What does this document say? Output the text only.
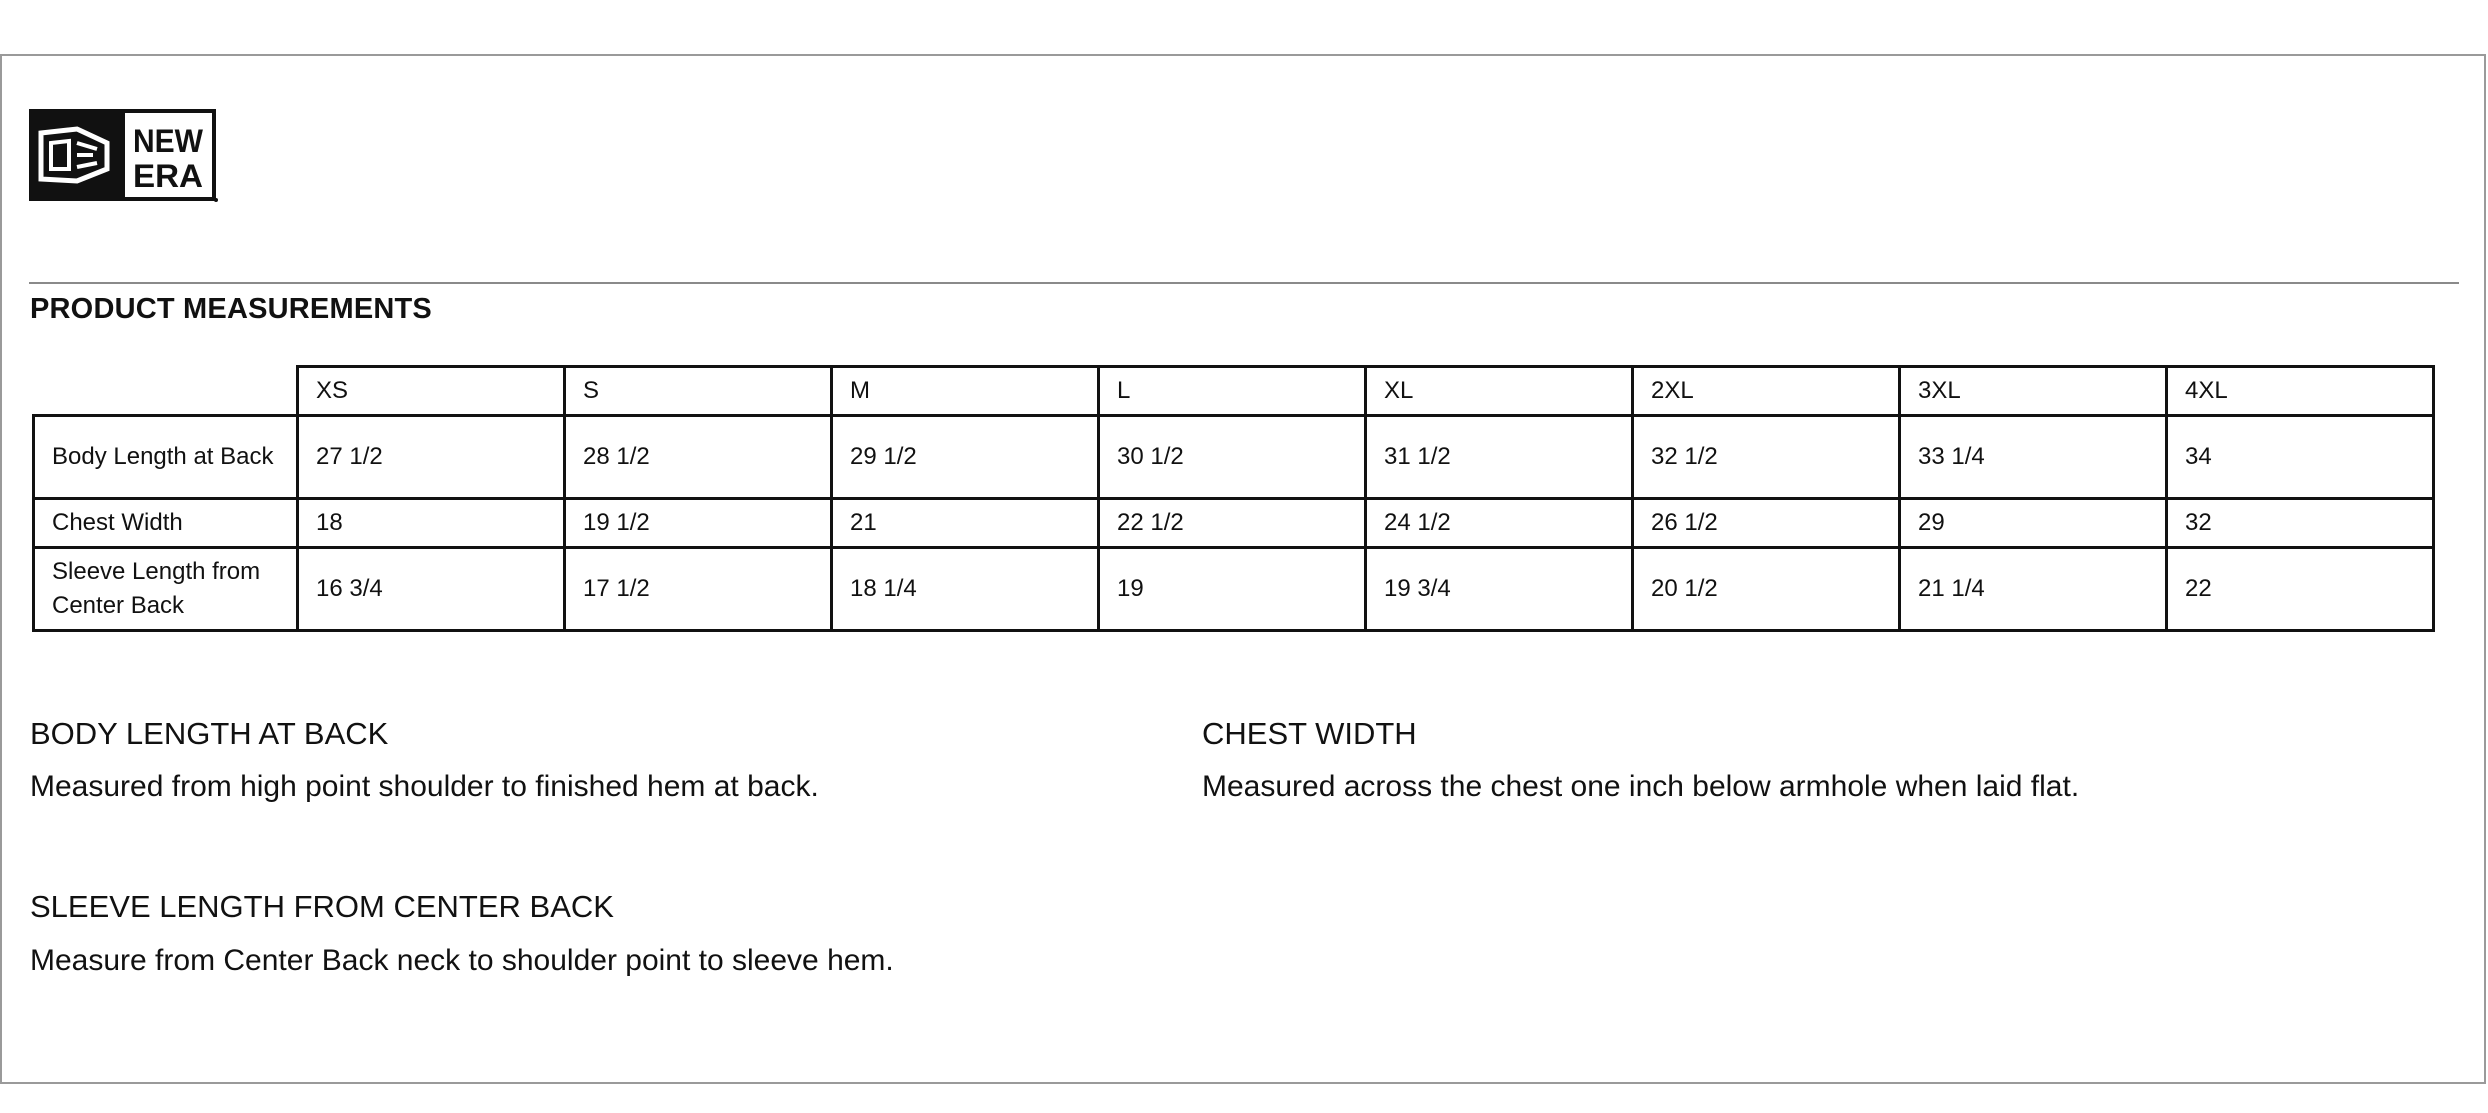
NEW
ERA
PRODUCT MEASUREMENTS
	XS	S	M	L	XL	2XL	3XL	4XL
Body Length at Back	27 1/2	28 1/2	29 1/2	30 1/2	31 1/2	32 1/2	33 1/4	34
Chest Width	18	19 1/2	21	22 1/2	24 1/2	26 1/2	29	32
Sleeve Length from Center Back	16 3/4	17 1/2	18 1/4	19	19 3/4	20 1/2	21 1/4	22
BODY LENGTH AT BACK
Measured from high point shoulder to finished hem at back.
CHEST WIDTH
Measured across the chest one inch below armhole when laid flat.
SLEEVE LENGTH FROM CENTER BACK
Measure from Center Back neck to shoulder point to sleeve hem.
